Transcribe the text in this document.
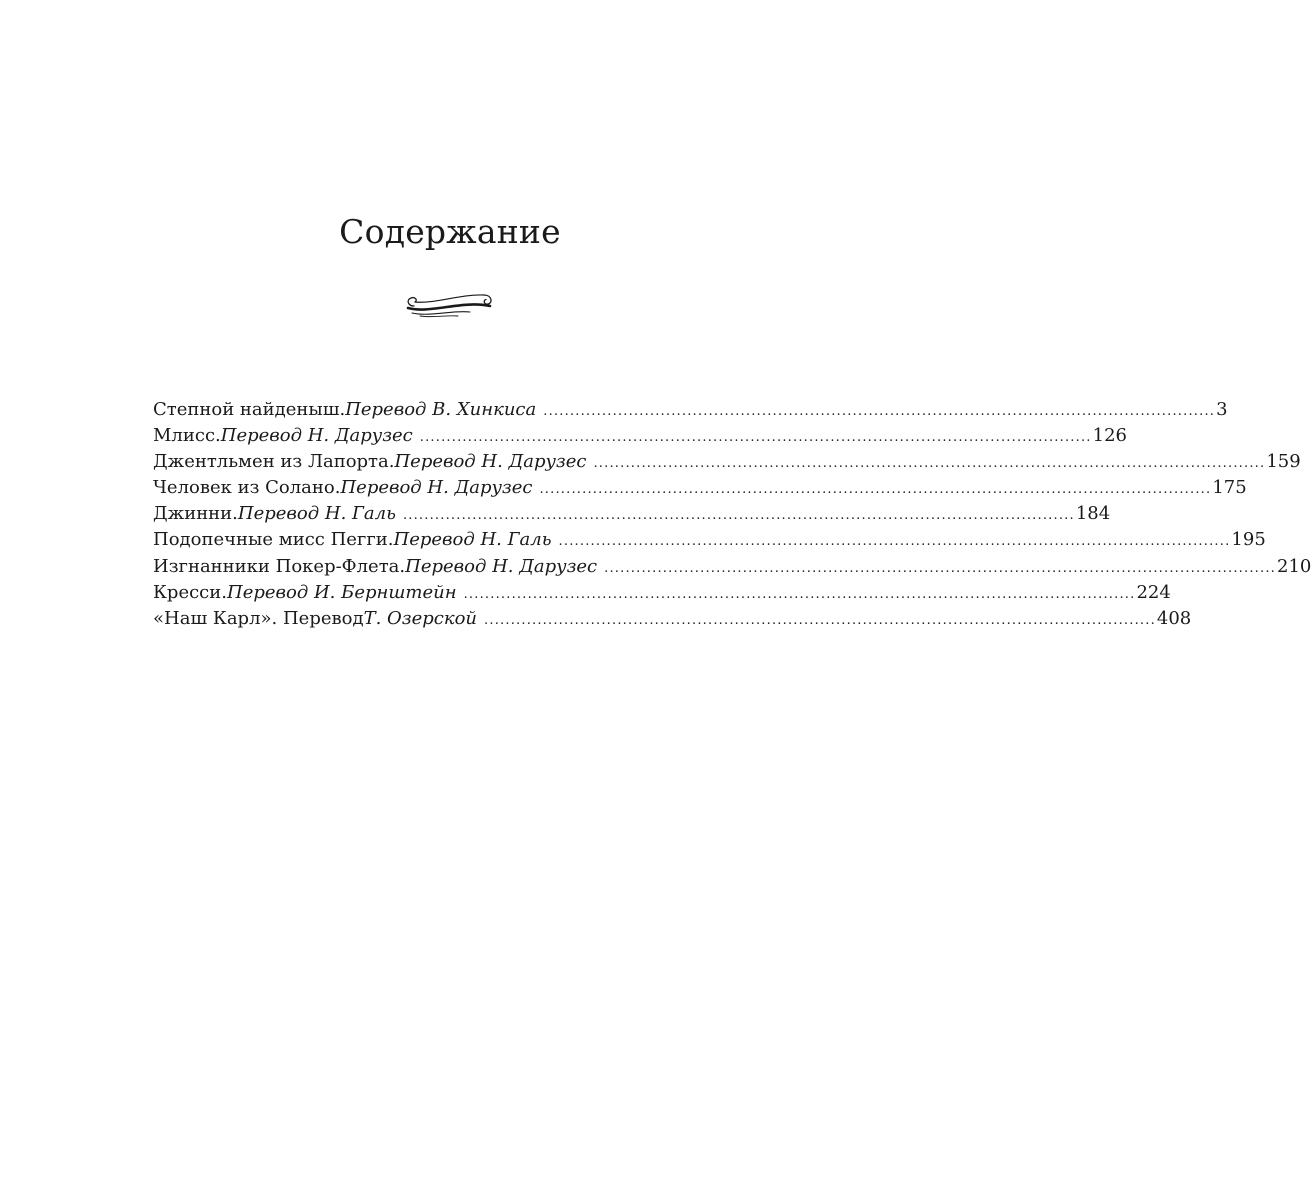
Содержание
Степной найденыш. Перевод В. Хинкиса .............................................................................................................................. 3
Млисс. Перевод Н. Дарузес .............................................................................................................................. 126
Джентльмен из Лапорта. Перевод Н. Дарузес .............................................................................................................................. 159
Человек из Солано. Перевод Н. Дарузес .............................................................................................................................. 175
Джинни. Перевод Н. Галь .............................................................................................................................. 184
Подопечные мисс Пегги. Перевод Н. Галь .............................................................................................................................. 195
Изгнанники Покер-Флета. Перевод Н. Дарузес .............................................................................................................................. 210
Кресси. Перевод И. Бернштейн .............................................................................................................................. 224
«Наш Карл». Перевод Т. Озерской .............................................................................................................................. 408
